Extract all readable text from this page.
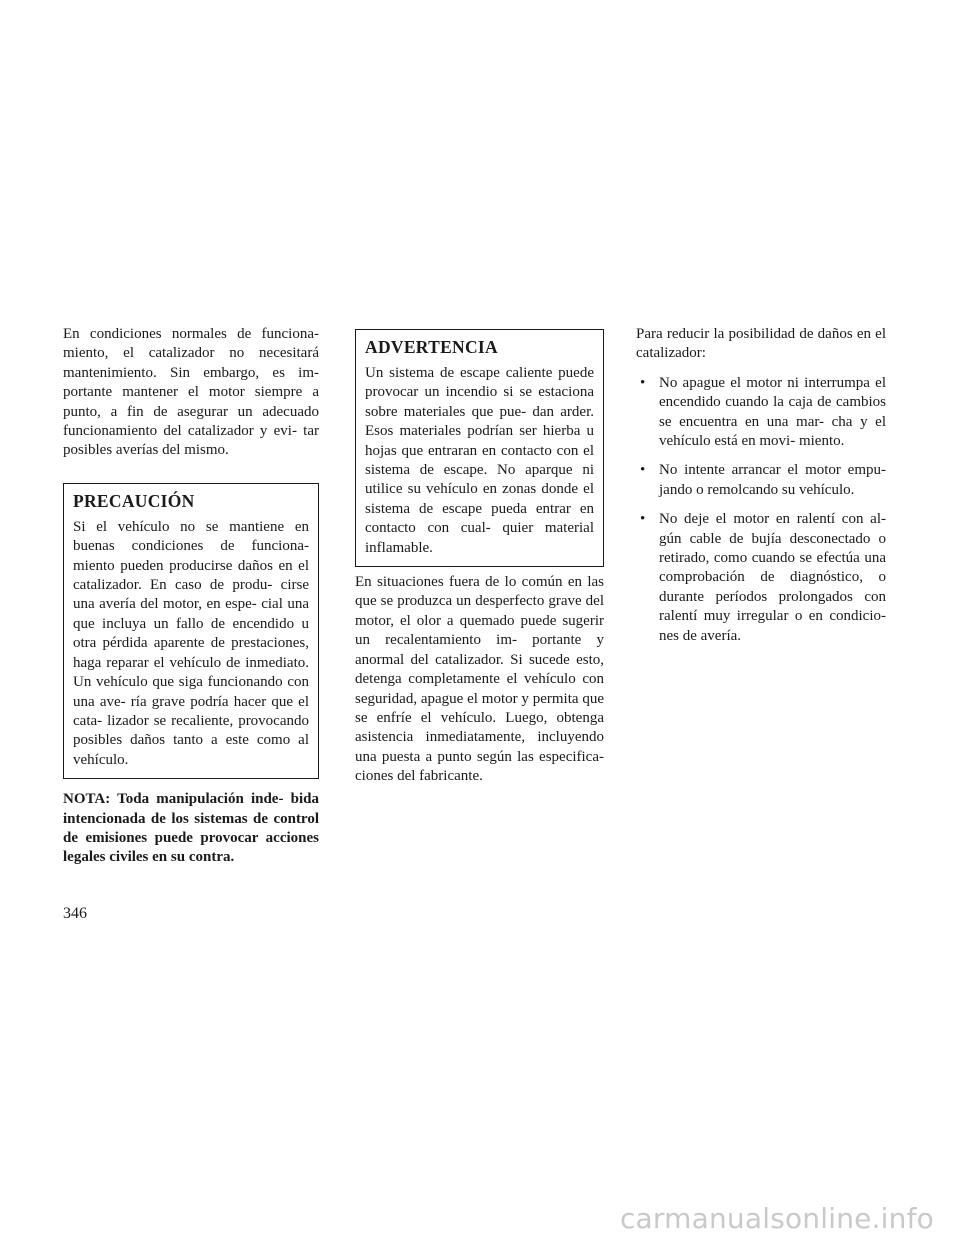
En condiciones normales de funciona- miento, el catalizador no necesitará mantenimiento. Sin embargo, es im- portante mantener el motor siempre a punto, a fin de asegurar un adecuado funcionamiento del catalizador y evi- tar posibles averías del mismo.

PRECAUCIÓN

Si el vehículo no se mantiene en buenas condiciones de funciona- miento pueden producirse daños en el catalizador. En caso de produ- cirse una avería del motor, en espe- cial una que incluya un fallo de encendido u otra pérdida aparente de prestaciones, haga reparar el vehículo de inmediato. Un vehículo que siga funcionando con una ave- ría grave podría hacer que el cata- lizador se recaliente, provocando posibles daños tanto a este como al vehículo.

NOTA: Toda manipulación inde- bida intencionada de los sistemas de control de emisiones puede provocar acciones legales civiles en su contra.

ADVERTENCIA

Un sistema de escape caliente puede provocar un incendio si se estaciona sobre materiales que pue- dan arder. Esos materiales podrían ser hierba u hojas que entraran en contacto con el sistema de escape. No aparque ni utilice su vehículo en zonas donde el sistema de escape pueda entrar en contacto con cual- quier material inflamable.

En situaciones fuera de lo común en las que se produzca un desperfecto grave del motor, el olor a quemado puede sugerir un recalentamiento im- portante y anormal del catalizador. Si sucede esto, detenga completamente el vehículo con seguridad, apague el motor y permita que se enfríe el vehículo. Luego, obtenga asistencia inmediatamente, incluyendo una puesta a punto según las especifica- ciones del fabricante.

Para reducir la posibilidad de daños en el catalizador:

• No apague el motor ni interrumpa el encendido cuando la caja de cambios se encuentra en una mar- cha y el vehículo está en movi- miento.
• No intente arrancar el motor empu- jando o remolcando su vehículo.
• No deje el motor en ralentí con al- gún cable de bujía desconectado o retirado, como cuando se efectúa una comprobación de diagnóstico, o durante períodos prolongados con ralentí muy irregular o en condicio- nes de avería.
346
carmanualsonline.info
